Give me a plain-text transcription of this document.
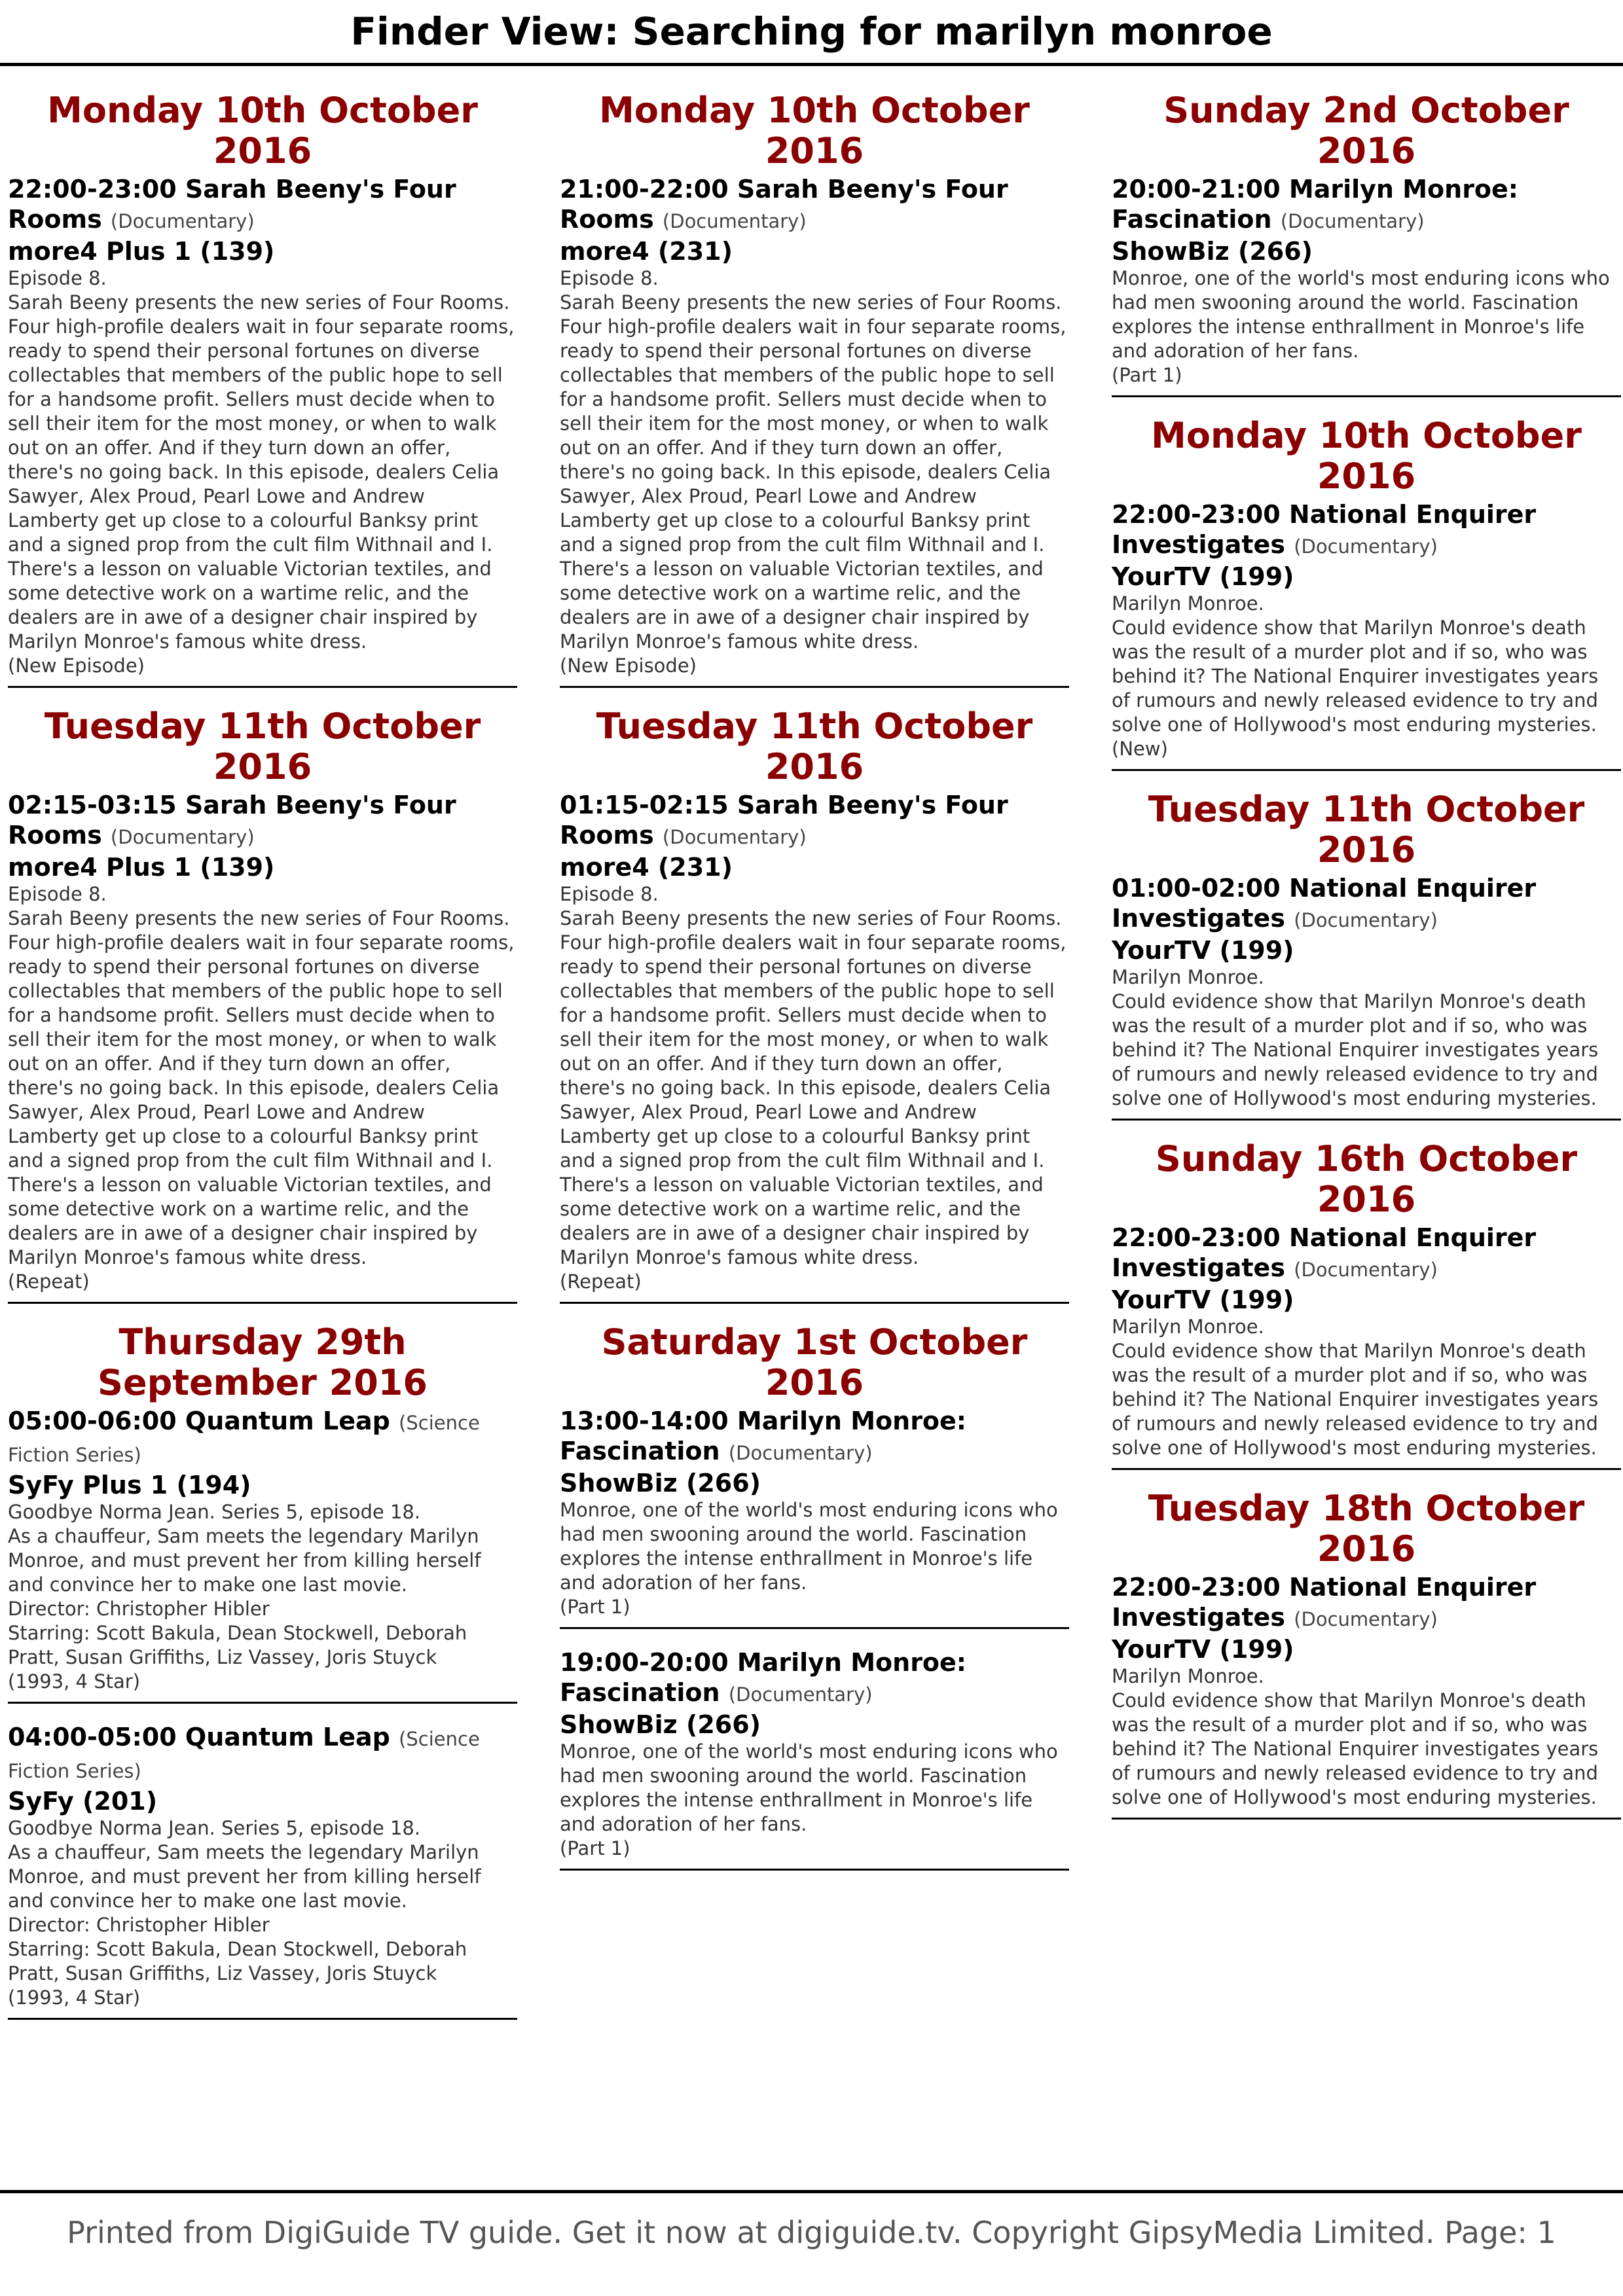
Finder View: Searching for marilyn monroe
Monday 10th October 2016
22:00-23:00 Sarah Beeny's Four Rooms (Documentary)
more4 Plus 1 (139)
Episode 8.
Sarah Beeny presents the new series of Four Rooms. Four high-profile dealers wait in four separate rooms, ready to spend their personal fortunes on diverse collectables that members of the public hope to sell for a handsome profit. Sellers must decide when to sell their item for the most money, or when to walk out on an offer. And if they turn down an offer, there's no going back. In this episode, dealers Celia Sawyer, Alex Proud, Pearl Lowe and Andrew Lamberty get up close to a colourful Banksy print and a signed prop from the cult film Withnail and I. There's a lesson on valuable Victorian textiles, and some detective work on a wartime relic, and the dealers are in awe of a designer chair inspired by Marilyn Monroe's famous white dress.
(New Episode)
Tuesday 11th October 2016
02:15-03:15 Sarah Beeny's Four Rooms (Documentary)
more4 Plus 1 (139)
Episode 8.
Sarah Beeny presents the new series of Four Rooms. Four high-profile dealers wait in four separate rooms, ready to spend their personal fortunes on diverse collectables that members of the public hope to sell for a handsome profit. Sellers must decide when to sell their item for the most money, or when to walk out on an offer. And if they turn down an offer, there's no going back. In this episode, dealers Celia Sawyer, Alex Proud, Pearl Lowe and Andrew Lamberty get up close to a colourful Banksy print and a signed prop from the cult film Withnail and I. There's a lesson on valuable Victorian textiles, and some detective work on a wartime relic, and the dealers are in awe of a designer chair inspired by Marilyn Monroe's famous white dress.
(Repeat)
Thursday 29th September 2016
05:00-06:00 Quantum Leap (Science Fiction Series)
SyFy Plus 1 (194)
Goodbye Norma Jean. Series 5, episode 18.
As a chauffeur, Sam meets the legendary Marilyn Monroe, and must prevent her from killing herself and convince her to make one last movie.
Director: Christopher Hibler
Starring: Scott Bakula, Dean Stockwell, Deborah Pratt, Susan Griffiths, Liz Vassey, Joris Stuyck
(1993, 4 Star)
04:00-05:00 Quantum Leap (Science Fiction Series)
SyFy (201)
Goodbye Norma Jean. Series 5, episode 18.
As a chauffeur, Sam meets the legendary Marilyn Monroe, and must prevent her from killing herself and convince her to make one last movie.
Director: Christopher Hibler
Starring: Scott Bakula, Dean Stockwell, Deborah Pratt, Susan Griffiths, Liz Vassey, Joris Stuyck
(1993, 4 Star)
Monday 10th October 2016
21:00-22:00 Sarah Beeny's Four Rooms (Documentary)
more4 (231)
Episode 8.
Sarah Beeny presents the new series of Four Rooms. Four high-profile dealers wait in four separate rooms, ready to spend their personal fortunes on diverse collectables that members of the public hope to sell for a handsome profit. Sellers must decide when to sell their item for the most money, or when to walk out on an offer. And if they turn down an offer, there's no going back. In this episode, dealers Celia Sawyer, Alex Proud, Pearl Lowe and Andrew Lamberty get up close to a colourful Banksy print and a signed prop from the cult film Withnail and I. There's a lesson on valuable Victorian textiles, and some detective work on a wartime relic, and the dealers are in awe of a designer chair inspired by Marilyn Monroe's famous white dress.
(New Episode)
Tuesday 11th October 2016
01:15-02:15 Sarah Beeny's Four Rooms (Documentary)
more4 (231)
Episode 8.
Sarah Beeny presents the new series of Four Rooms. Four high-profile dealers wait in four separate rooms, ready to spend their personal fortunes on diverse collectables that members of the public hope to sell for a handsome profit. Sellers must decide when to sell their item for the most money, or when to walk out on an offer. And if they turn down an offer, there's no going back. In this episode, dealers Celia Sawyer, Alex Proud, Pearl Lowe and Andrew Lamberty get up close to a colourful Banksy print and a signed prop from the cult film Withnail and I. There's a lesson on valuable Victorian textiles, and some detective work on a wartime relic, and the dealers are in awe of a designer chair inspired by Marilyn Monroe's famous white dress.
(Repeat)
Saturday 1st October 2016
13:00-14:00 Marilyn Monroe: Fascination (Documentary)
ShowBiz (266)
Monroe, one of the world's most enduring icons who had men swooning around the world. Fascination explores the intense enthrallment in Monroe's life and adoration of her fans.
(Part 1)
19:00-20:00 Marilyn Monroe: Fascination (Documentary)
ShowBiz (266)
Monroe, one of the world's most enduring icons who had men swooning around the world. Fascination explores the intense enthrallment in Monroe's life and adoration of her fans.
(Part 1)
Sunday 2nd October 2016
20:00-21:00 Marilyn Monroe: Fascination (Documentary)
ShowBiz (266)
Monroe, one of the world's most enduring icons who had men swooning around the world. Fascination explores the intense enthrallment in Monroe's life and adoration of her fans.
(Part 1)
Monday 10th October 2016
22:00-23:00 National Enquirer Investigates (Documentary)
YourTV (199)
Marilyn Monroe.
Could evidence show that Marilyn Monroe's death was the result of a murder plot and if so, who was behind it? The National Enquirer investigates years of rumours and newly released evidence to try and solve one of Hollywood's most enduring mysteries.
(New)
Tuesday 11th October 2016
01:00-02:00 National Enquirer Investigates (Documentary)
YourTV (199)
Marilyn Monroe.
Could evidence show that Marilyn Monroe's death was the result of a murder plot and if so, who was behind it? The National Enquirer investigates years of rumours and newly released evidence to try and solve one of Hollywood's most enduring mysteries.
Sunday 16th October 2016
22:00-23:00 National Enquirer Investigates (Documentary)
YourTV (199)
Marilyn Monroe.
Could evidence show that Marilyn Monroe's death was the result of a murder plot and if so, who was behind it? The National Enquirer investigates years of rumours and newly released evidence to try and solve one of Hollywood's most enduring mysteries.
Tuesday 18th October 2016
22:00-23:00 National Enquirer Investigates (Documentary)
YourTV (199)
Marilyn Monroe.
Could evidence show that Marilyn Monroe's death was the result of a murder plot and if so, who was behind it? The National Enquirer investigates years of rumours and newly released evidence to try and solve one of Hollywood's most enduring mysteries.
Printed from DigiGuide TV guide. Get it now at digiguide.tv. Copyright GipsyMedia Limited. Page: 1
